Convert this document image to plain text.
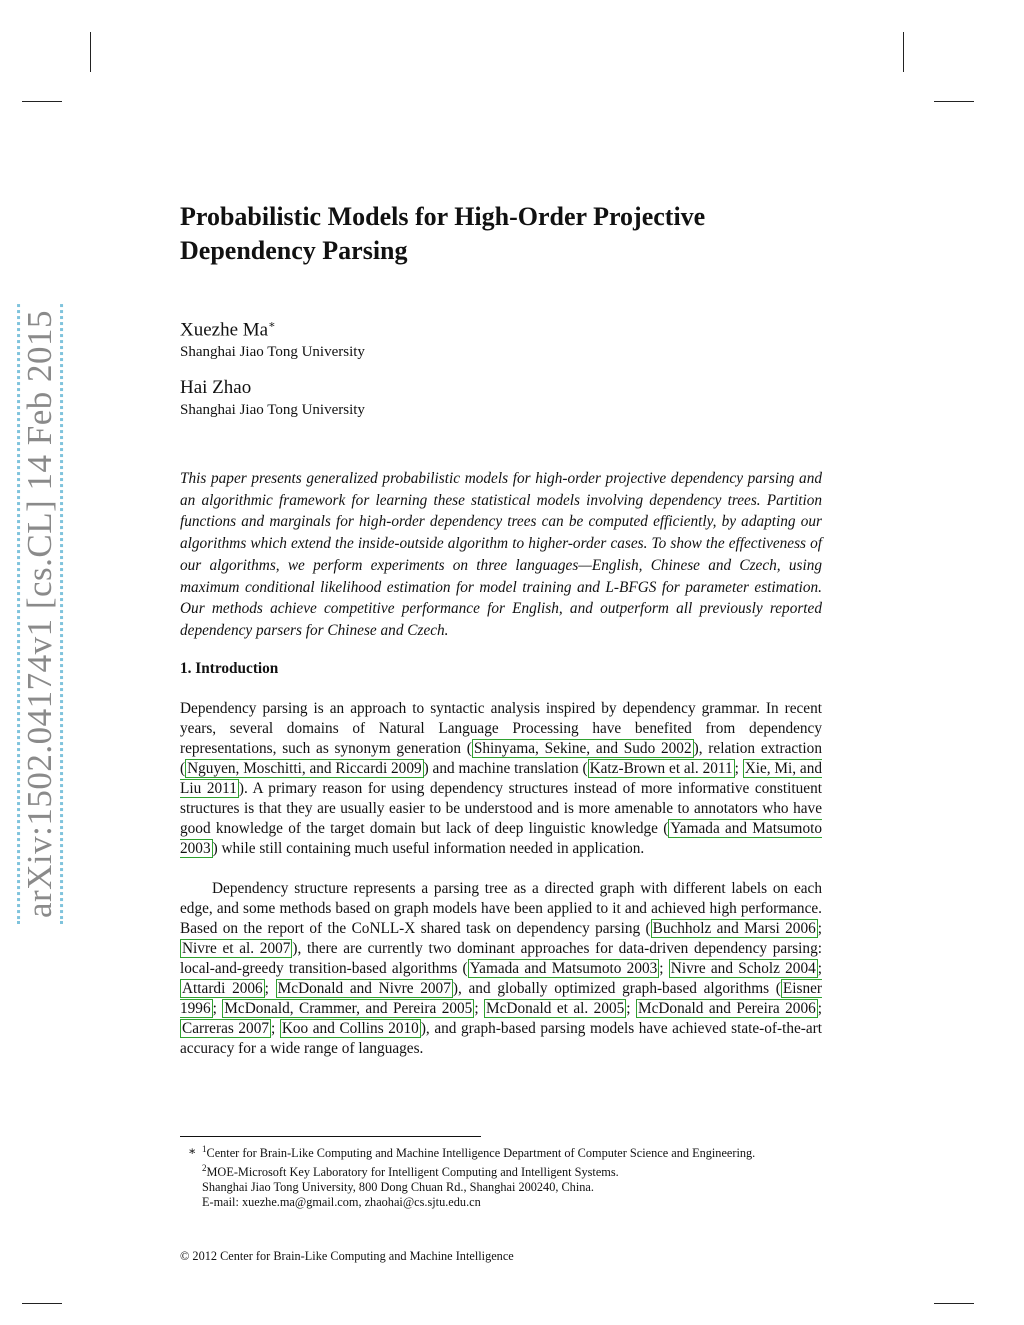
arXiv:1502.04174v1 [cs.CL] 14 Feb 2015
Probabilistic Models for High-Order Projective
Dependency Parsing
Xuezhe Ma∗
Shanghai Jiao Tong University
Hai Zhao
Shanghai Jiao Tong University

This paper presents generalized probabilistic models for high-order projective dependency parsing and an algorithmic framework for learning these statistical models involving dependency trees. Partition functions and marginals for high-order dependency trees can be computed efficiently, by adapting our algorithms which extend the inside-outside algorithm to higher-order cases. To show the effectiveness of our algorithms, we perform experiments on three languages—English, Chinese and Czech, using maximum conditional likelihood estimation for model training and L-BFGS for parameter estimation. Our methods achieve competitive performance for English, and outperform all previously reported dependency parsers for Chinese and Czech.

1. Introduction

Dependency parsing is an approach to syntactic analysis inspired by dependency grammar. In recent years, several domains of Natural Language Processing have benefited from dependency representations, such as synonym generation ( Shinyama, Sekine, and Sudo 2002 ), relation extraction ( Nguyen, Moschitti, and Riccardi 2009 ) and machine translation ( Katz-Brown et al. 2011 ; Xie, Mi, and Liu 2011 ). A primary reason for using dependency structures instead of more informative constituent structures is that they are usually easier to be understood and is more amenable to annotators who have good knowledge of the target domain but lack of deep linguistic knowledge ( Yamada and Matsumoto 2003 ) while still containing much useful information needed in application.

Dependency structure represents a parsing tree as a directed graph with different labels on each edge, and some methods based on graph models have been applied to it and achieved high performance. Based on the report of the CoNLL-X shared task on dependency parsing ( Buchholz and Marsi 2006 ; Nivre et al. 2007 ), there are currently two dominant approaches for data-driven dependency parsing: local-and-greedy transition-based algorithms ( Yamada and Matsumoto 2003 ; Nivre and Scholz 2004 ; Attardi 2006 ; McDonald and Nivre 2007 ), and globally optimized graph-based algorithms ( Eisner 1996 ; McDonald, Crammer, and Pereira 2005 ; McDonald et al. 2005 ; McDonald and Pereira 2006 ; Carreras 2007 ; Koo and Collins 2010 ), and graph-based parsing models have achieved state-of-the-art accuracy for a wide range of languages.

∗ $^1$Center for Brain-Like Computing and Machine Intelligence Department of Computer Science and Engineering.
$^2$MOE-Microsoft Key Laboratory for Intelligent Computing and Intelligent Systems.
Shanghai Jiao Tong University, 800 Dong Chuan Rd., Shanghai 200240, China.
E-mail: xuezhe.ma@gmail.com, zhaohai@cs.sjtu.edu.cn
© 2012 Center for Brain-Like Computing and Machine Intelligence
